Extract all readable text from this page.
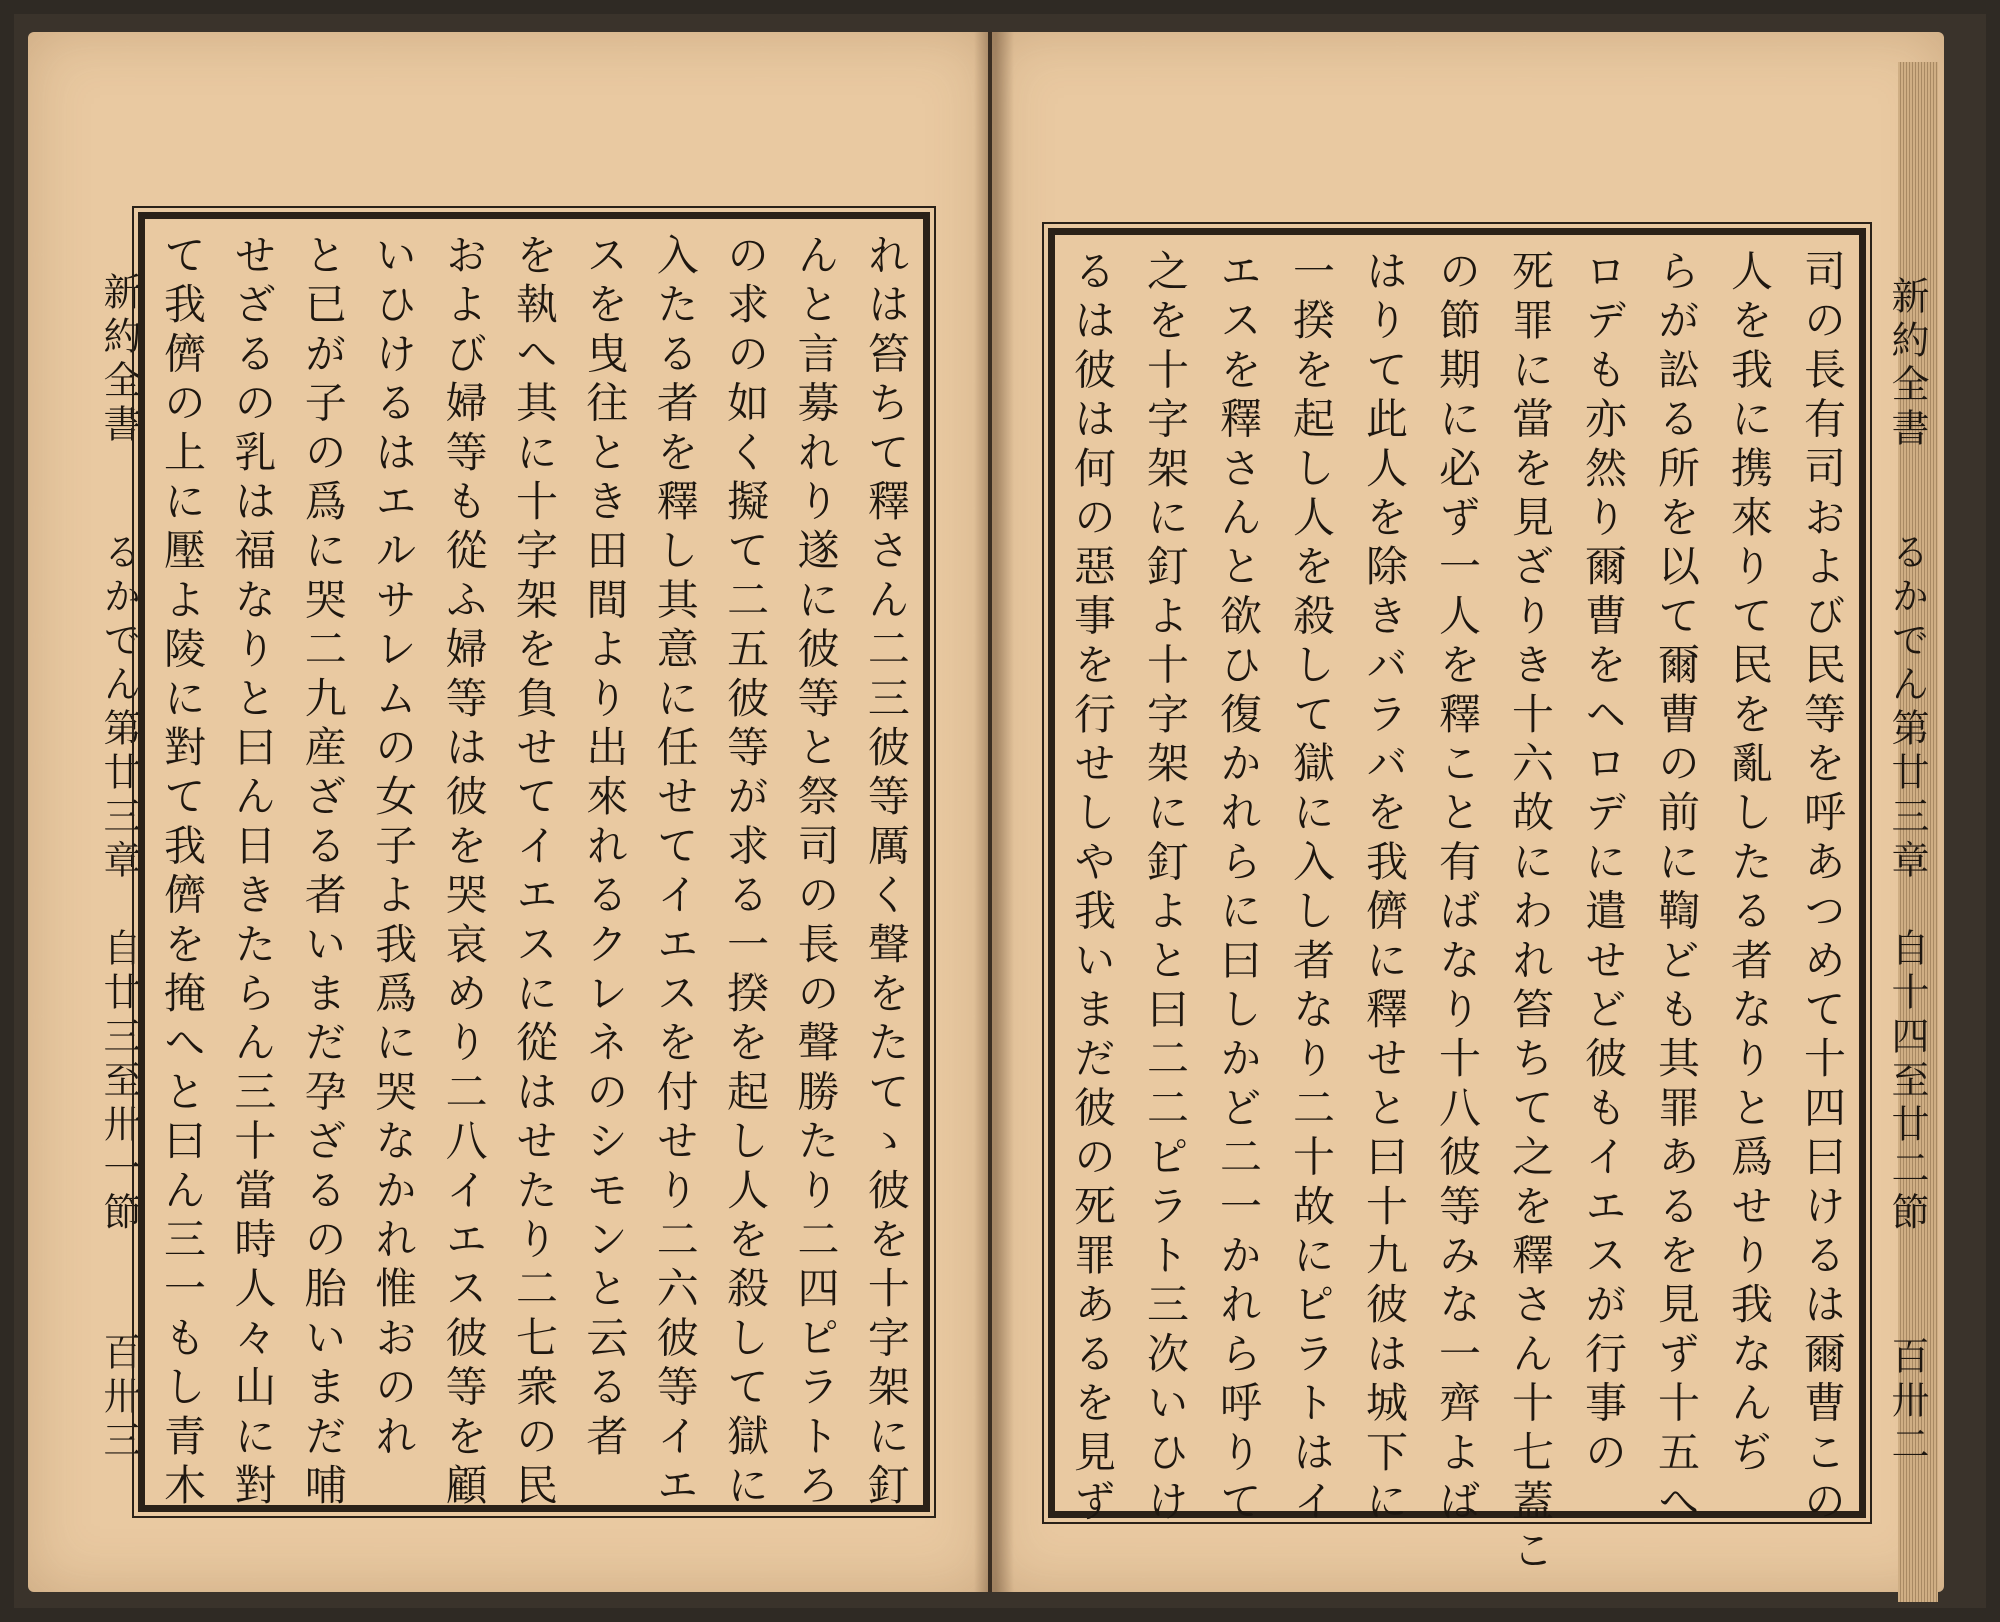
新約全書
るかでん第廿三章　自廿三至卅一節
百卅三	れは笞ちて釋さん二三彼等厲く聲をたてゝ彼を十字架に釘
んと言募れり遂に彼等と祭司の長の聲勝たり二四ピラトろ
の求の如く擬て二五彼等が求る一揆を起し人を殺して獄に
入たる者を釋し其意に任せてイエスを付せり二六彼等イエ
スを曳往とき田間より出來れるクレネのシモンと云る者
を執へ其に十字架を負せてイエスに從はせたり二七衆の民
および婦等も從ふ婦等は彼を哭哀めり二八イエス彼等を顧
いひけるはエルサレムの女子よ我爲に哭なかれ惟おのれ
と已が子の爲に哭二九産ざる者いまだ孕ざるの胎いまだ哺
せざるの乳は福なりと曰ん日きたらん三十當時人々山に對
て我儕の上に壓よ陵に對て我儕を掩へと曰ん三一もし青木	新約全書
るかでん第廿三章　自十四至廿二節
百卅二
司の長有司および民等を呼あつめて十四曰けるは爾曹この
人を我に携來りて民を亂したる者なりと爲せり我なんぢ
らが訟る所を以て爾曹の前に鞫ども其罪あるを見ず十五へ
ロデも亦然り爾曹をヘロデに遣せど彼もイエスが行事の
死罪に當を見ざりき十六故にわれ笞ちて之を釋さん十七蓋こ
の節期に必ず一人を釋こと有ばなり十八彼等みな一齊よば
はりて此人を除きバラバを我儕に釋せと曰十九彼は城下に
一揆を起し人を殺して獄に入し者なり二十故にピラトはイ
エスを釋さんと欲ひ復かれらに曰しかど二一かれら呼りて
之を十字架に釘よ十字架に釘よと曰二二ピラト三次いひけ
るは彼は何の惡事を行せしや我いまだ彼の死罪あるを見ず
